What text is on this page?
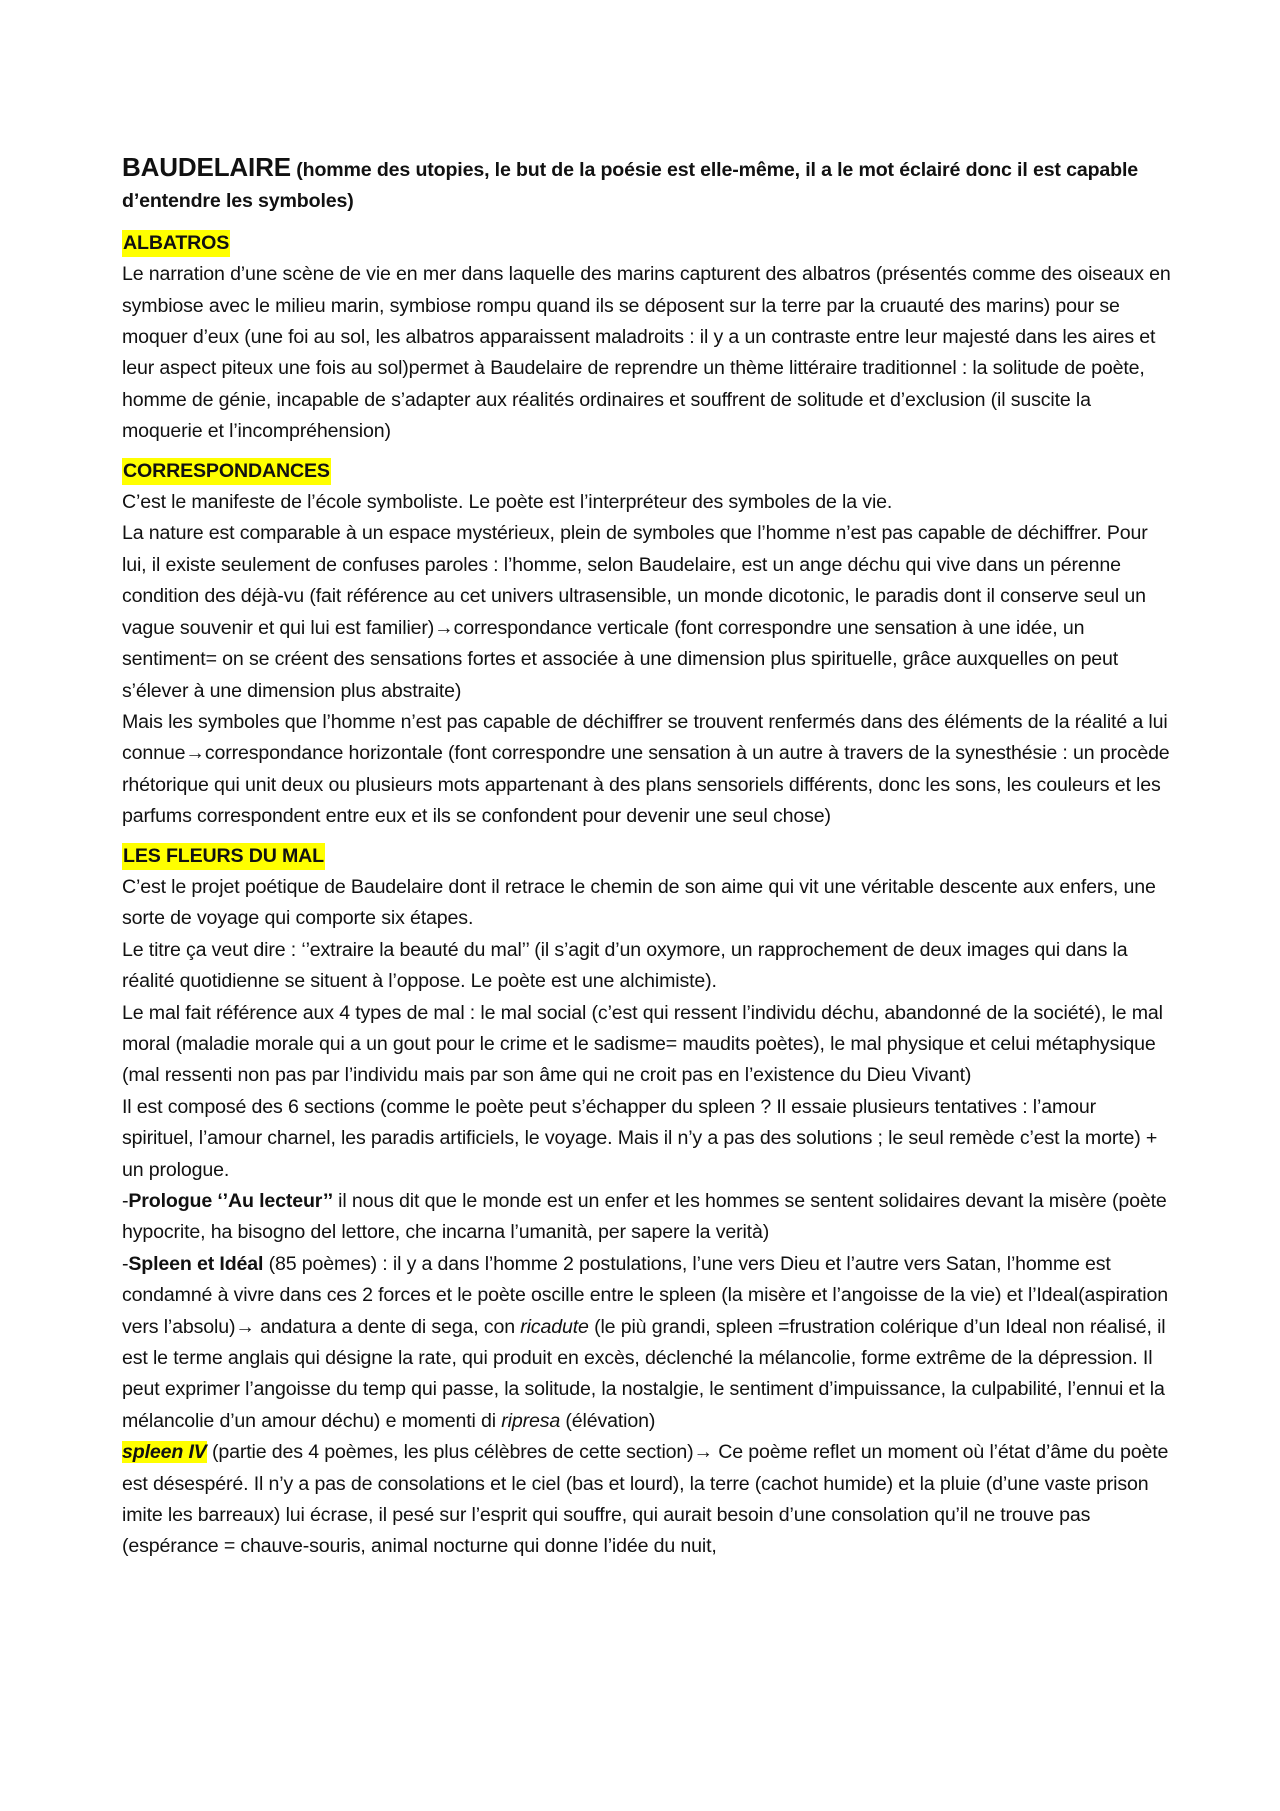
BAUDELAIRE (homme des utopies, le but de la poésie est elle-même, il a le mot éclairé donc il est capable d’entendre les symboles)
ALBATROS

Le narration d’une scène de vie en mer dans laquelle des marins capturent des albatros (présentés comme des oiseaux en symbiose avec le milieu marin, symbiose rompu quand ils se déposent sur la terre par la cruauté des marins) pour se moquer d’eux (une foi au sol, les albatros apparaissent maladroits : il y a un contraste entre leur majesté dans les aires et leur aspect piteux une fois au sol)permet à Baudelaire de reprendre un thème littéraire traditionnel : la solitude de poète, homme de génie, incapable de s’adapter aux réalités ordinaires et souffrent de solitude et d’exclusion (il suscite la moquerie et l’incompréhension)

CORRESPONDANCES

C’est le manifeste de l’école symboliste. Le poète est l’interpréteur des symboles de la vie.

La nature est comparable à un espace mystérieux, plein de symboles que l’homme n’est pas capable de déchiffrer. Pour lui, il existe seulement de confuses paroles : l’homme, selon Baudelaire, est un ange déchu qui vive dans un pérenne condition des déjà-vu (fait référence au cet univers ultrasensible, un monde dicotonic, le paradis dont il conserve seul un vague souvenir et qui lui est familier)→correspondance verticale (font correspondre une sensation à une idée, un sentiment= on se créent des sensations fortes et associée à une dimension plus spirituelle, grâce auxquelles on peut s’élever à une dimension plus abstraite)

Mais les symboles que l’homme n’est pas capable de déchiffrer se trouvent renfermés dans des éléments de la réalité a lui connue→correspondance horizontale (font correspondre une sensation à un autre à travers de la synesthésie : un procède rhétorique qui unit deux ou plusieurs mots appartenant à des plans sensoriels différents, donc les sons, les couleurs et les parfums correspondent entre eux et ils se confondent pour devenir une seul chose)

LES FLEURS DU MAL

C’est le projet poétique de Baudelaire dont il retrace le chemin de son aime qui vit une véritable descente aux enfers, une sorte de voyage qui comporte six étapes.

Le titre ça veut dire : ‘’extraire la beauté du mal’’ (il s’agit d’un oxymore, un rapprochement de deux images qui dans la réalité quotidienne se situent à l’oppose. Le poète est une alchimiste).

Le mal fait référence aux 4 types de mal : le mal social (c’est qui ressent l’individu déchu, abandonné de la société), le mal moral (maladie morale qui a un gout pour le crime et le sadisme= maudits poètes), le mal physique et celui métaphysique (mal ressenti non pas par l’individu mais par son âme qui ne croit pas en l’existence du Dieu Vivant)

Il est composé des 6 sections (comme le poète peut s’échapper du spleen ? Il essaie plusieurs tentatives : l’amour spirituel, l’amour charnel, les paradis artificiels, le voyage. Mais il n’y a pas des solutions ; le seul remède c’est la morte) + un prologue.

-Prologue ‘’Au lecteur’’ il nous dit que le monde est un enfer et les hommes se sentent solidaires devant la misère (poète hypocrite, ha bisogno del lettore, che incarna l’umanità, per sapere la verità)

-Spleen et Idéal (85 poèmes) : il y a dans l’homme 2 postulations, l’une vers Dieu et l’autre vers Satan, l’homme est condamné à vivre dans ces 2 forces et le poète oscille entre le spleen (la misère et l’angoisse de la vie) et l’Ideal(aspiration vers l’absolu)→ andatura a dente di sega, con ricadute (le più grandi, spleen =frustration colérique d’un Ideal non réalisé, il est le terme anglais qui désigne la rate, qui produit en excès, déclenché la mélancolie, forme extrême de la dépression. Il peut exprimer l’angoisse du temp qui passe, la solitude, la nostalgie, le sentiment d’impuissance, la culpabilité, l’ennui et la mélancolie d’un amour déchu) e momenti di ripresa (élévation)

spleen IV (partie des 4 poèmes, les plus célèbres de cette section)→ Ce poème reflet un moment où l’état d’âme du poète est désespéré. Il n’y a pas de consolations et le ciel (bas et lourd), la terre (cachot humide) et la pluie (d’une vaste prison imite les barreaux) lui écrase, il pesé sur l’esprit qui souffre, qui aurait besoin d’une consolation qu’il ne trouve pas (espérance = chauve-souris, animal nocturne qui donne l’idée du nuit,
